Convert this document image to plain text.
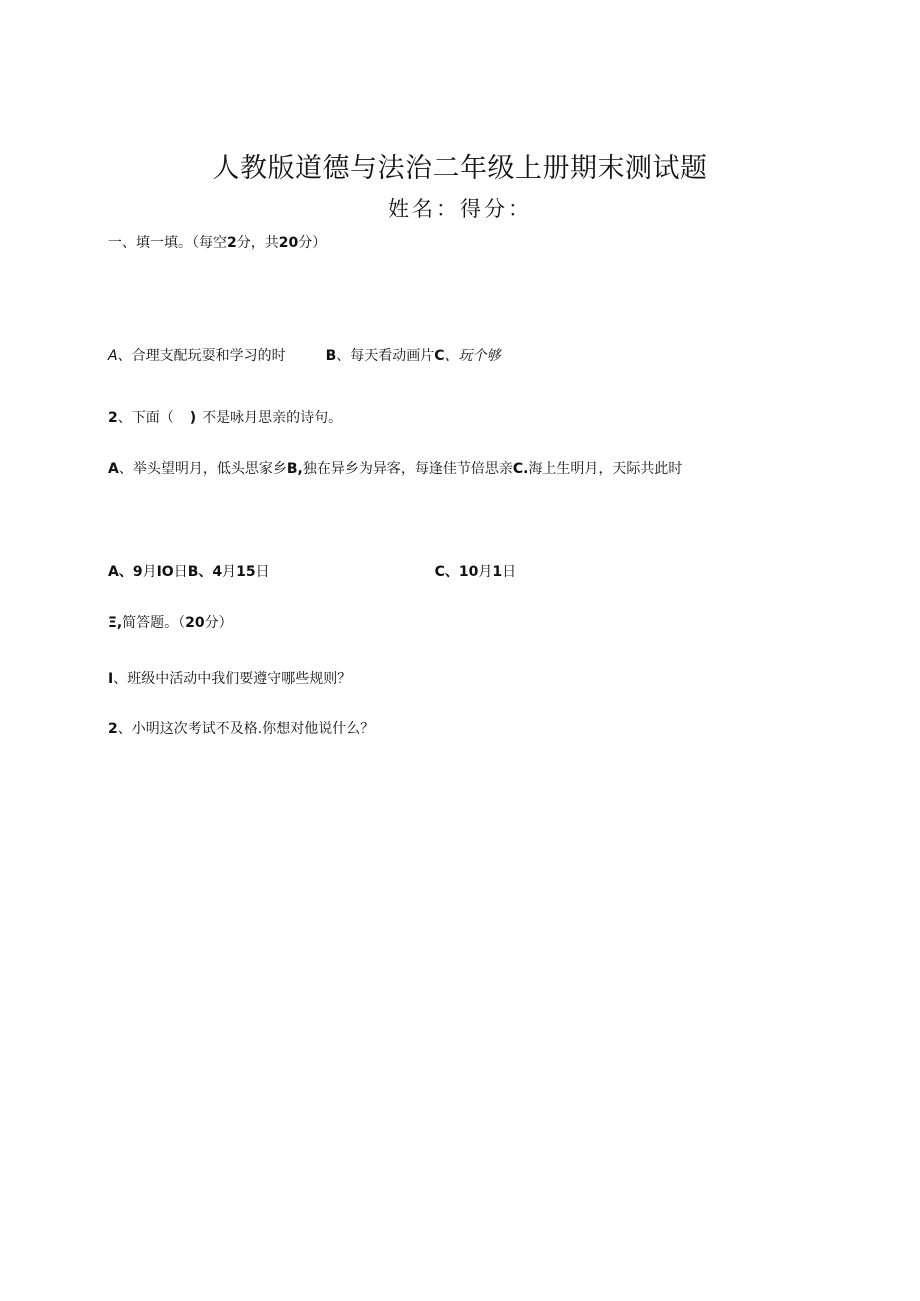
人教版道德与法治二年级上册期末测试题
姓名：得分：
一、填一填。（每空2分，共20分）
A、合理支配玩耍和学习的时	B、每天看动画片C、玩个够
2、下面（ ) 不是咏月思亲的诗句。
A、举头望明月，低头思家乡B,独在异乡为异客，每逢佳节倍思亲C.海上生明月，天际共此时
A、9月IO日B、4月15日	C、10月1日
Ξ,简答题。（20分）
I、班级中活动中我们要遵守哪些规则？
2、小明这次考试不及格.你想对他说什么？
